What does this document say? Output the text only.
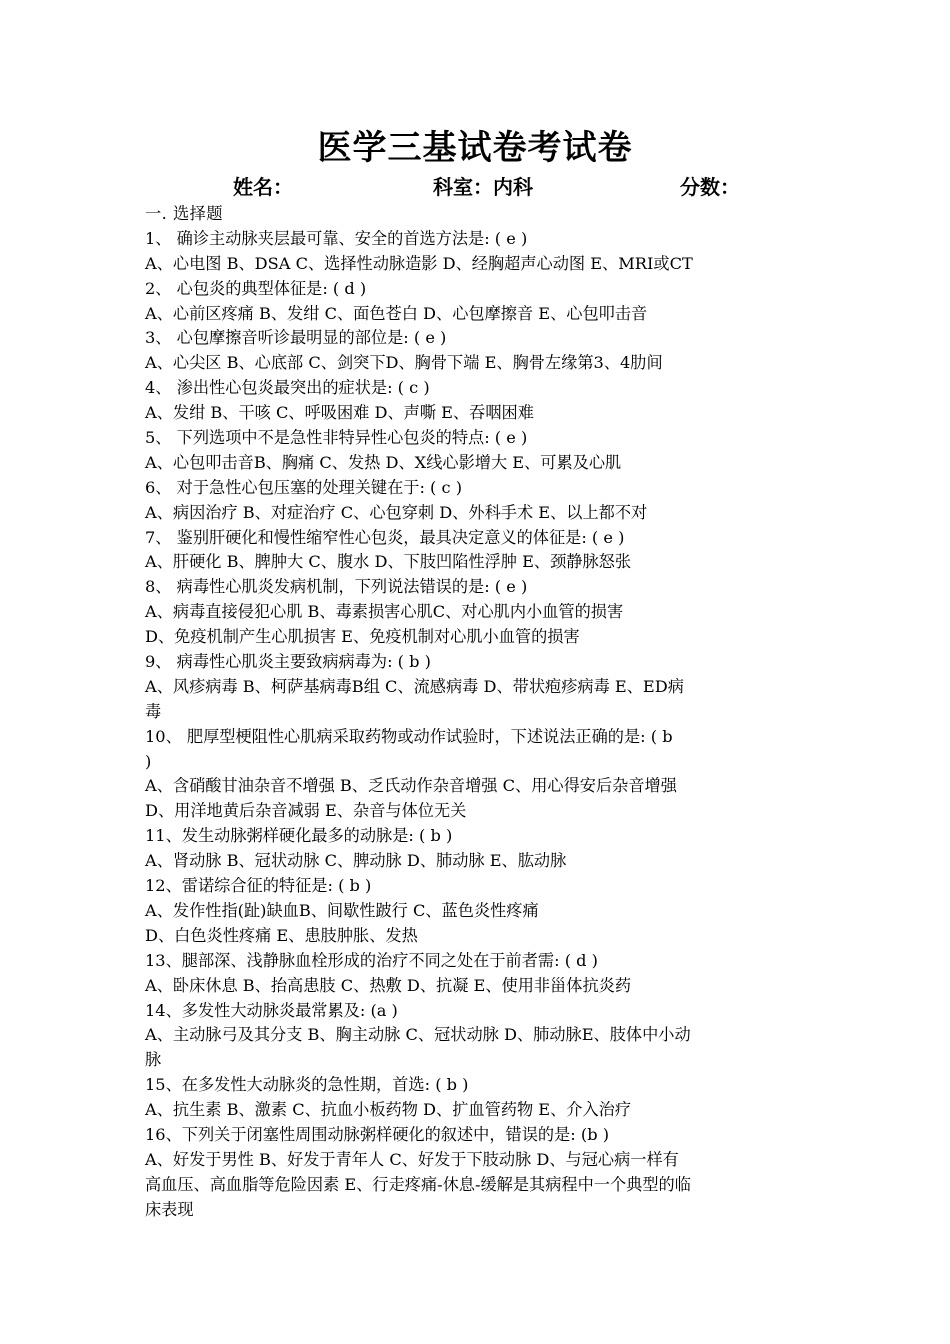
医学三基试卷考试卷
姓名：	科室：内科	分数：
一. 选择题
1、 确诊主动脉夹层最可靠、安全的首选方法是: ( e )
A、心电图 B、DSA C、选择性动脉造影 D、经胸超声心动图 E、MRI或CT
2、 心包炎的典型体征是: ( d )
A、心前区疼痛 B、发绀 C、面色苍白 D、心包摩擦音 E、心包叩击音
3、 心包摩擦音听诊最明显的部位是: ( e )
A、心尖区 B、心底部 C、剑突下D、胸骨下端 E、胸骨左缘第3、4肋间
4、 渗出性心包炎最突出的症状是: ( c )
A、发绀 B、干咳 C、呼吸困难 D、声嘶 E、吞咽困难
5、 下列选项中不是急性非特异性心包炎的特点: ( e )
A、心包叩击音B、胸痛 C、发热 D、X线心影增大 E、可累及心肌
6、 对于急性心包压塞的处理关键在于: ( c )
A、病因治疗 B、对症治疗 C、心包穿刺 D、外科手术 E、以上都不对
7、 鉴别肝硬化和慢性缩窄性心包炎，最具决定意义的体征是: ( e )
A、肝硬化 B、脾肿大 C、腹水 D、下肢凹陷性浮肿 E、颈静脉怒张
8、 病毒性心肌炎发病机制，下列说法错误的是: ( e )
A、病毒直接侵犯心肌 B、毒素损害心肌C、对心肌内小血管的损害
D、免疫机制产生心肌损害 E、免疫机制对心肌小血管的损害
9、 病毒性心肌炎主要致病病毒为: ( b )
A、风疹病毒 B、柯萨基病毒B组 C、流感病毒 D、带状疱疹病毒 E、ED病
毒
10、 肥厚型梗阻性心肌病采取药物或动作试验时，下述说法正确的是: ( b
)
A、含硝酸甘油杂音不增强 B、乏氏动作杂音增强 C、用心得安后杂音增强
D、用洋地黄后杂音减弱 E、杂音与体位无关
11、发生动脉粥样硬化最多的动脉是: ( b )
A、肾动脉 B、冠状动脉 C、脾动脉 D、肺动脉 E、肱动脉
12、雷诺综合征的特征是: ( b )
A、发作性指(趾)缺血B、间歇性跛行 C、蓝色炎性疼痛
D、白色炎性疼痛 E、患肢肿胀、发热
13、腿部深、浅静脉血栓形成的治疗不同之处在于前者需: ( d )
A、卧床休息 B、抬高患肢 C、热敷 D、抗凝 E、使用非甾体抗炎药
14、多发性大动脉炎最常累及: (a )
A、主动脉弓及其分支 B、胸主动脉 C、冠状动脉 D、肺动脉E、肢体中小动
脉
15、在多发性大动脉炎的急性期，首选: ( b )
A、抗生素 B、激素 C、抗血小板药物 D、扩血管药物 E、介入治疗
16、下列关于闭塞性周围动脉粥样硬化的叙述中，错误的是: (b )
A、好发于男性 B、好发于青年人 C、好发于下肢动脉 D、与冠心病一样有
高血压、高血脂等危险因素 E、行走疼痛-休息-缓解是其病程中一个典型的临
床表现
